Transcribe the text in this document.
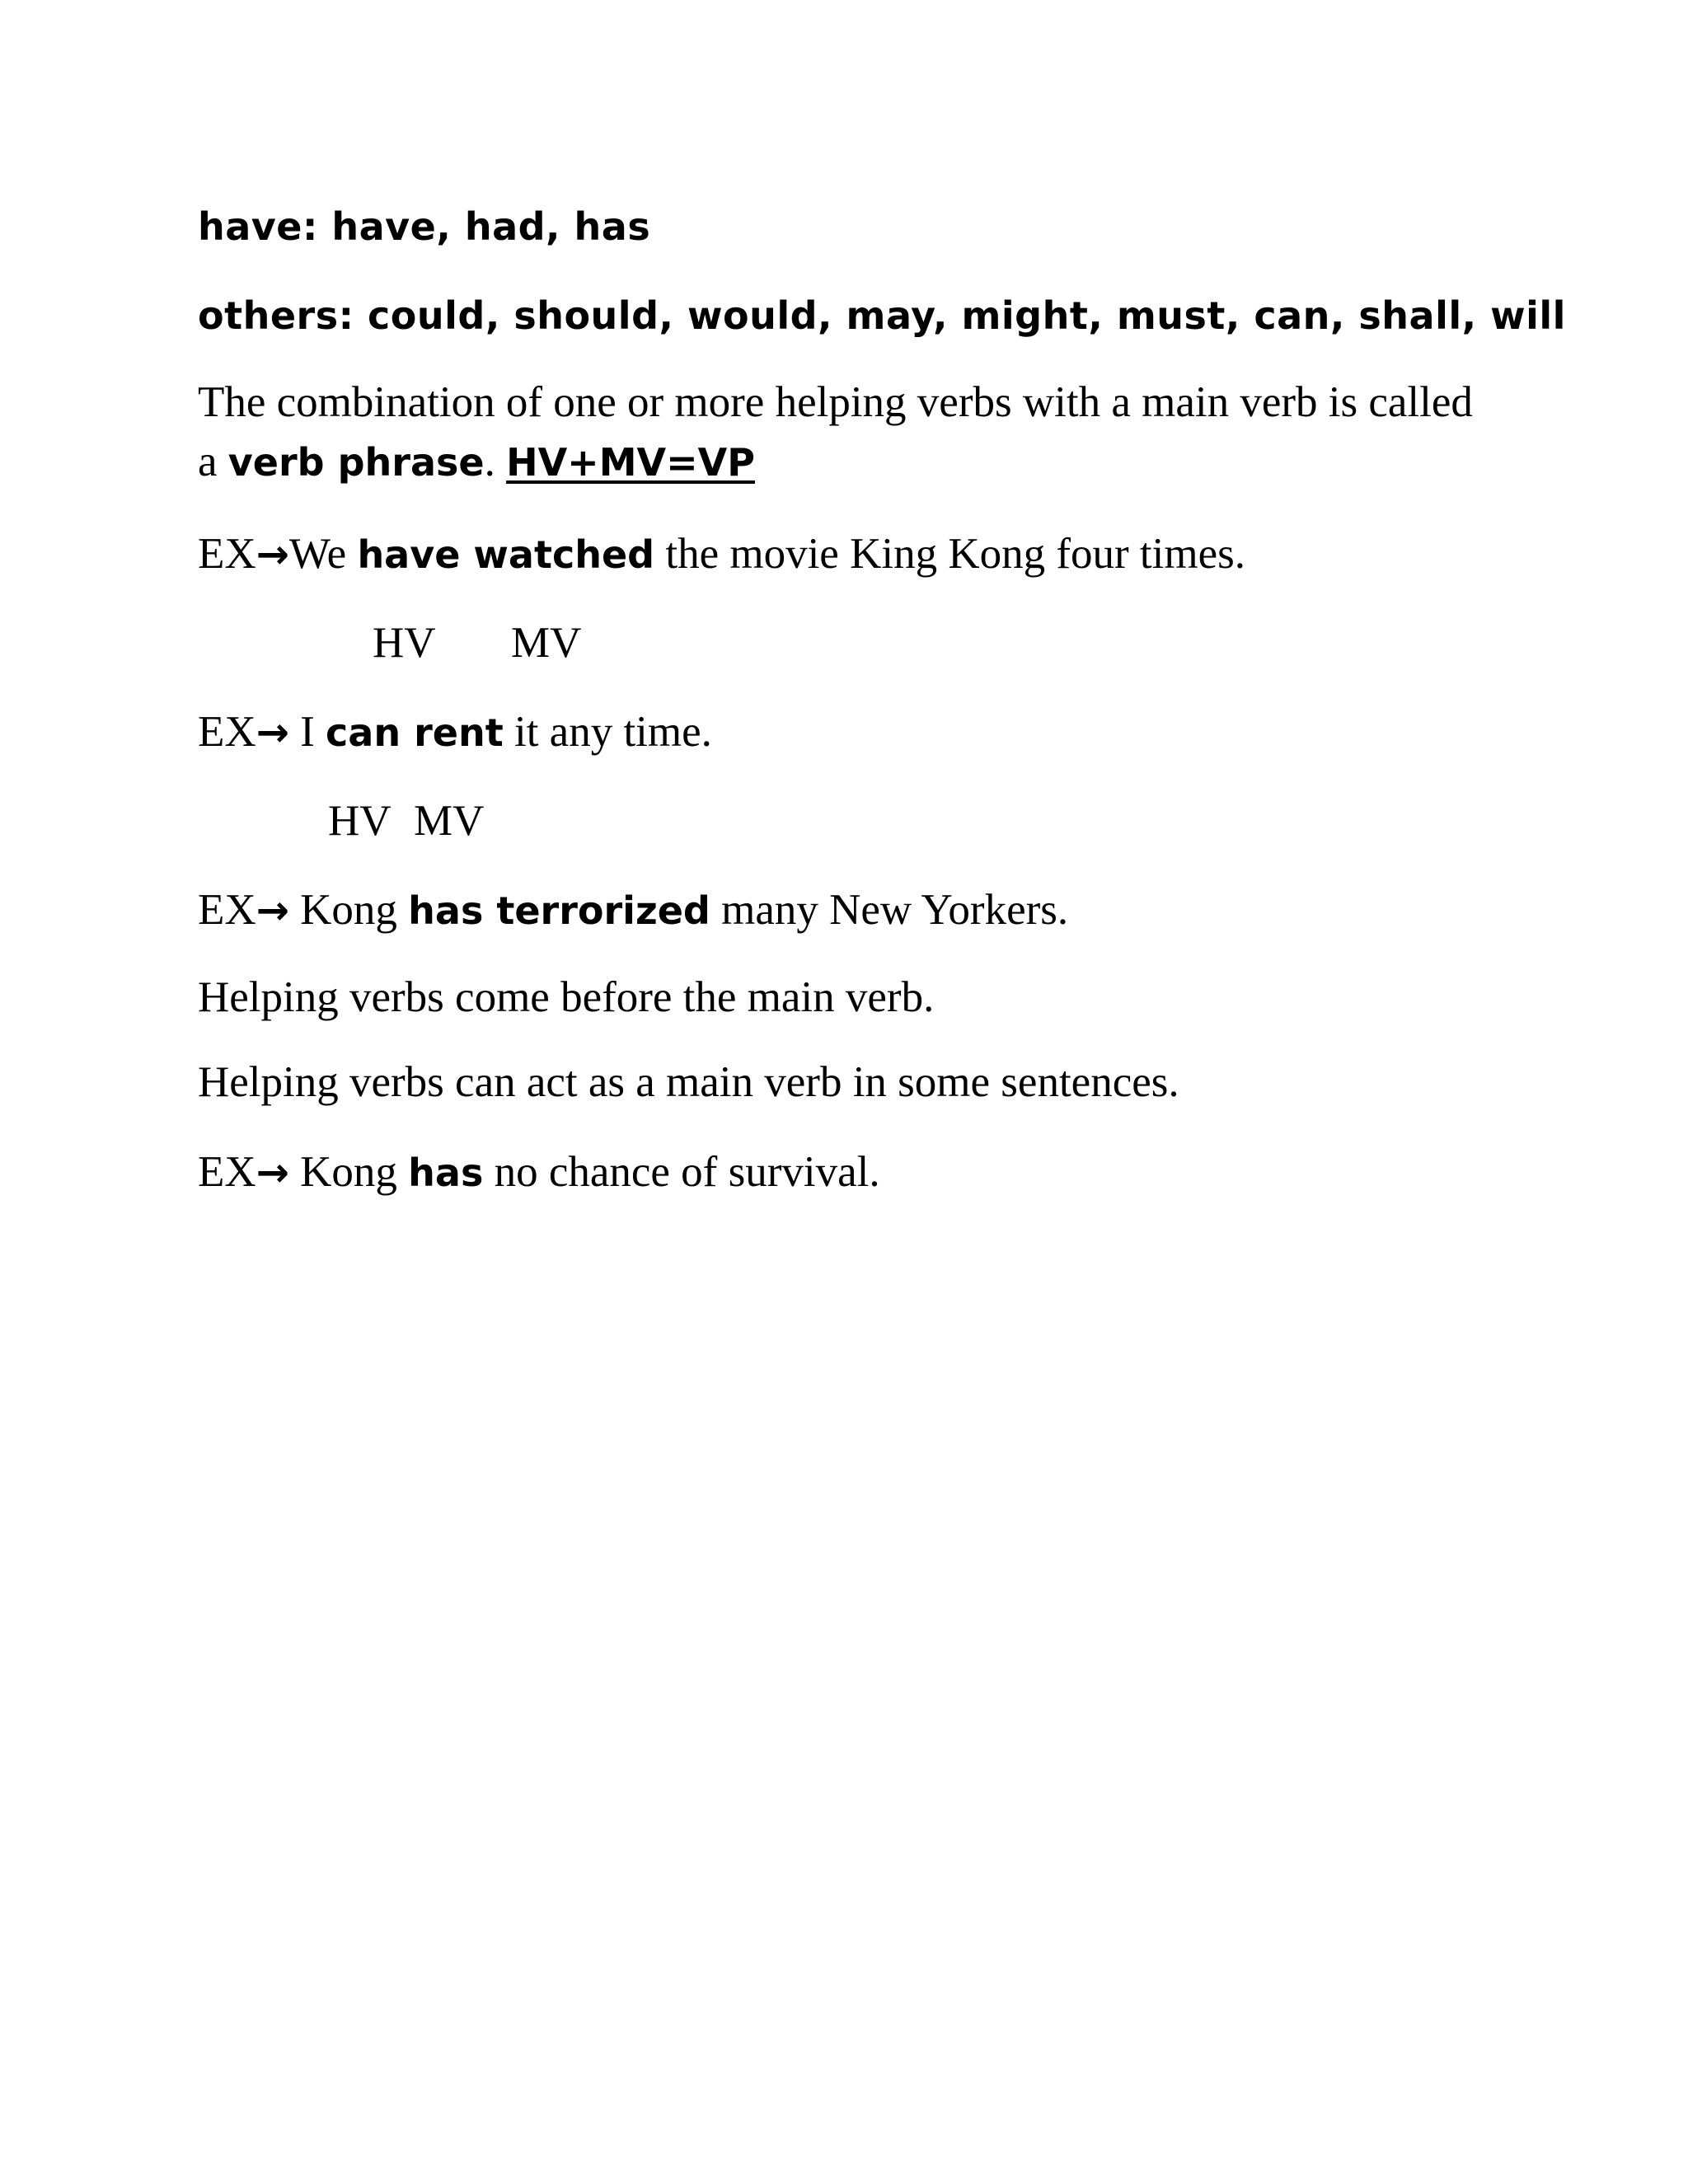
have: have, had, has
others: could, should, would, may, might, must, can, shall, will
The combination of one or more helping verbs with a main verb is called
a verb phrase. HV+MV=VP
EX→We have watched the movie King Kong four times.
HV MV
EX→ I can rent it any time.
HV MV
EX→ Kong has terrorized many New Yorkers.
Helping verbs come before the main verb.
Helping verbs can act as a main verb in some sentences.
EX→ Kong has no chance of survival.
